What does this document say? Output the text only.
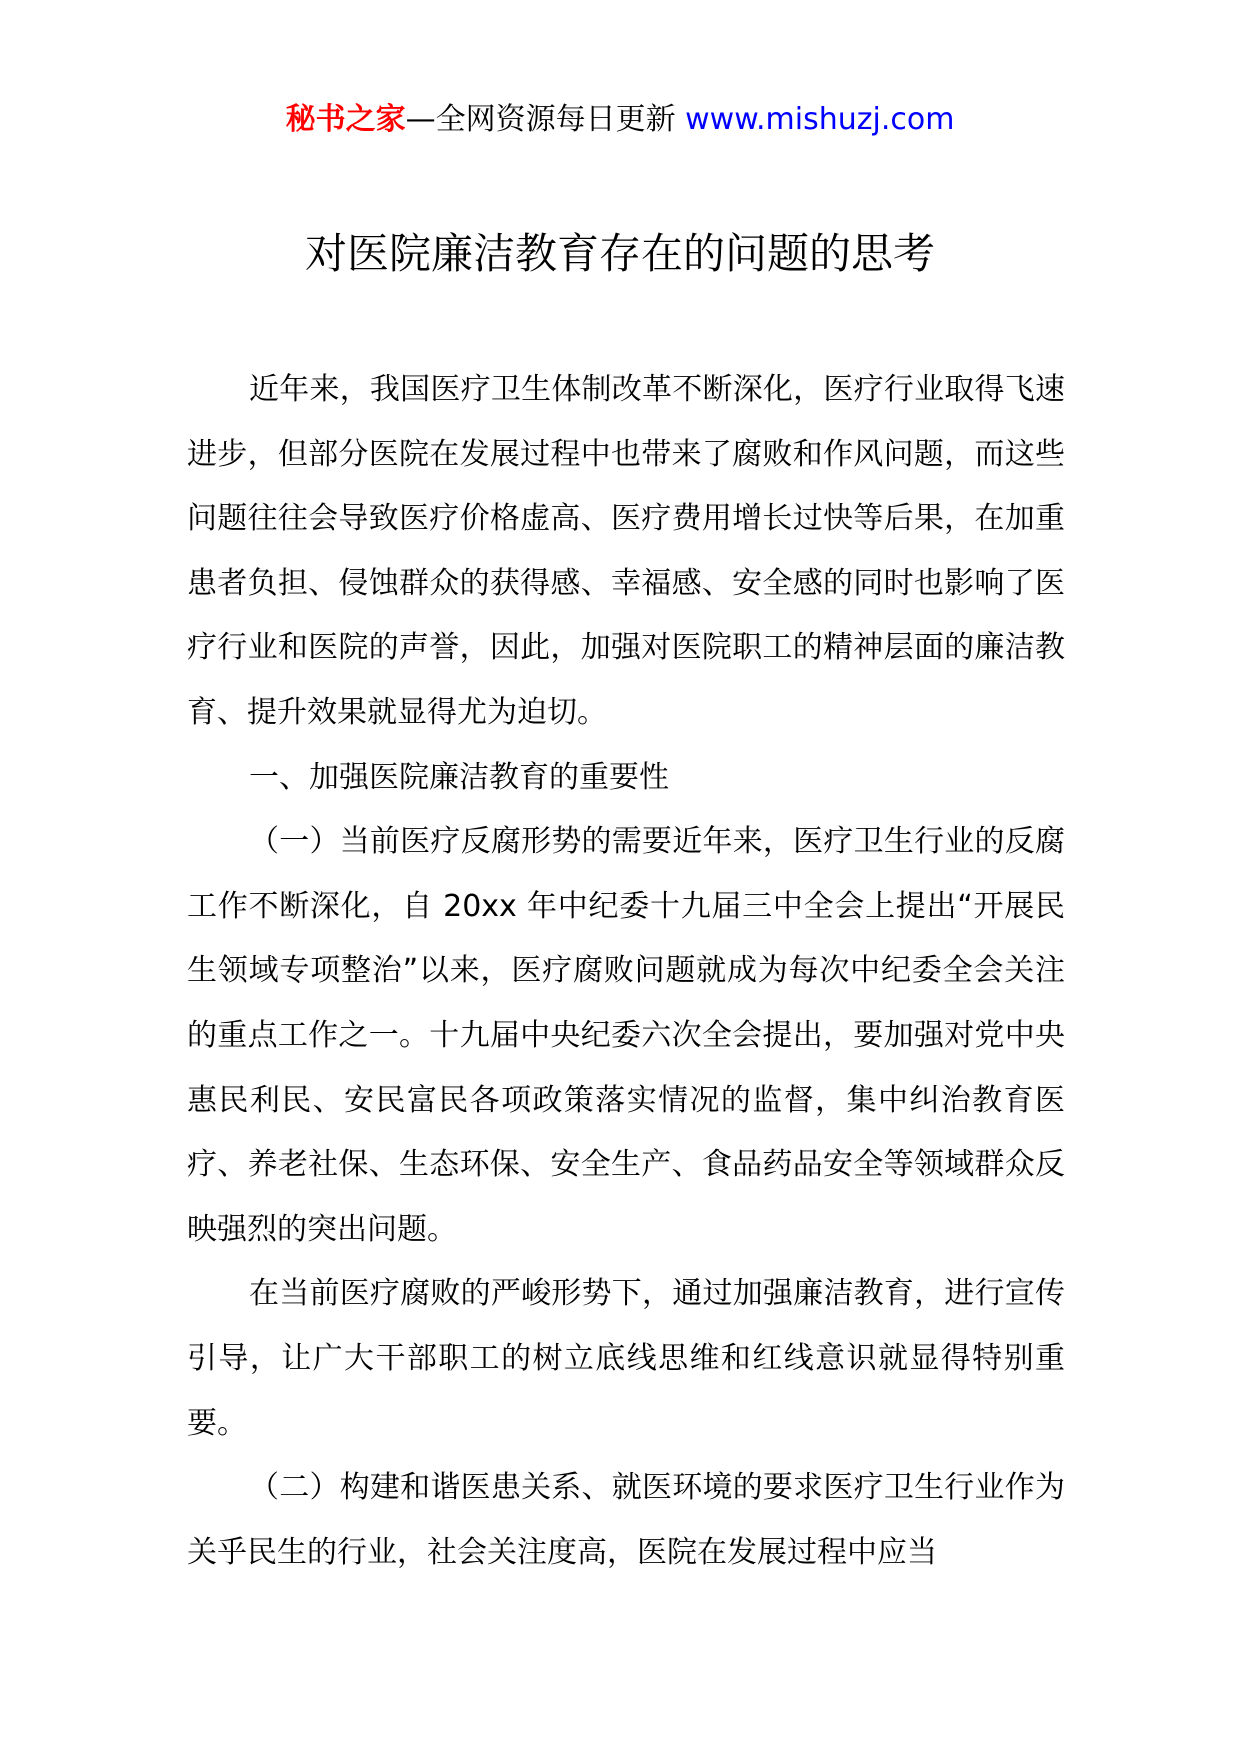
秘书之家—全网资源每日更新 www.mishuzj.com
对医院廉洁教育存在的问题的思考

近年来，我国医疗卫生体制改革不断深化，医疗行业取得飞速进步，但部分医院在发展过程中也带来了腐败和作风问题，而这些问题往往会导致医疗价格虚高、医疗费用增长过快等后果，在加重患者负担、侵蚀群众的获得感、幸福感、安全感的同时也影响了医疗行业和医院的声誉，因此，加强对医院职工的精神层面的廉洁教育、提升效果就显得尤为迫切。

一、加强医院廉洁教育的重要性

（一）当前医疗反腐形势的需要近年来，医疗卫生行业的反腐工作不断深化，自 20xx 年中纪委十九届三中全会上提出“开展民生领域专项整治”以来，医疗腐败问题就成为每次中纪委全会关注的重点工作之一。十九届中央纪委六次全会提出，要加强对党中央惠民利民、安民富民各项政策落实情况的监督，集中纠治教育医疗、养老社保、生态环保、安全生产、食品药品安全等领域群众反映强烈的突出问题。

在当前医疗腐败的严峻形势下，通过加强廉洁教育，进行宣传引导，让广大干部职工的树立底线思维和红线意识就显得特别重要。

（二）构建和谐医患关系、就医环境的要求医疗卫生行业作为关乎民生的行业，社会关注度高，医院在发展过程中应当
